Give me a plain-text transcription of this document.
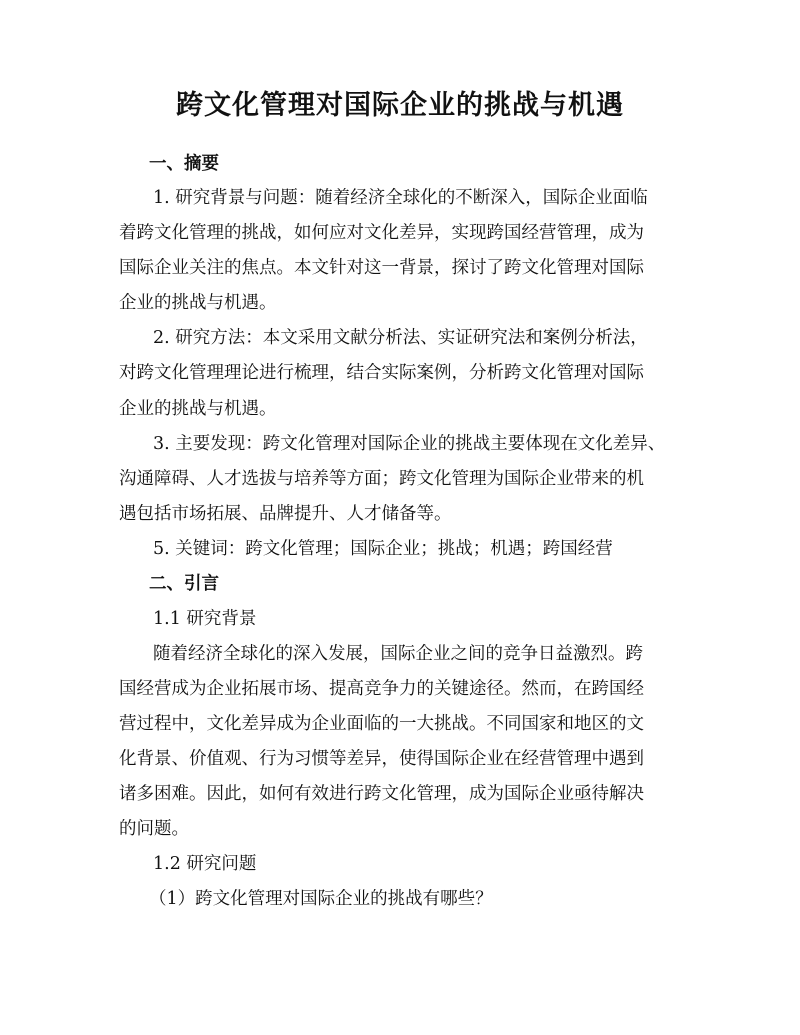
跨文化管理对国际企业的挑战与机遇
一、摘要
1. 研究背景与问题：随着经济全球化的不断深入，国际企业面临
着跨文化管理的挑战，如何应对文化差异，实现跨国经营管理，成为
国际企业关注的焦点。本文针对这一背景，探讨了跨文化管理对国际
企业的挑战与机遇。
2. 研究方法：本文采用文献分析法、实证研究法和案例分析法，
对跨文化管理理论进行梳理，结合实际案例，分析跨文化管理对国际
企业的挑战与机遇。
3. 主要发现：跨文化管理对国际企业的挑战主要体现在文化差异、
沟通障碍、人才选拔与培养等方面；跨文化管理为国际企业带来的机
遇包括市场拓展、品牌提升、人才储备等。
5. 关键词：跨文化管理；国际企业；挑战；机遇；跨国经营
二、引言
1.1 研究背景
随着经济全球化的深入发展，国际企业之间的竞争日益激烈。跨
国经营成为企业拓展市场、提高竞争力的关键途径。然而，在跨国经
营过程中，文化差异成为企业面临的一大挑战。不同国家和地区的文
化背景、价值观、行为习惯等差异，使得国际企业在经营管理中遇到
诸多困难。因此，如何有效进行跨文化管理，成为国际企业亟待解决
的问题。
1.2 研究问题
（1）跨文化管理对国际企业的挑战有哪些？
